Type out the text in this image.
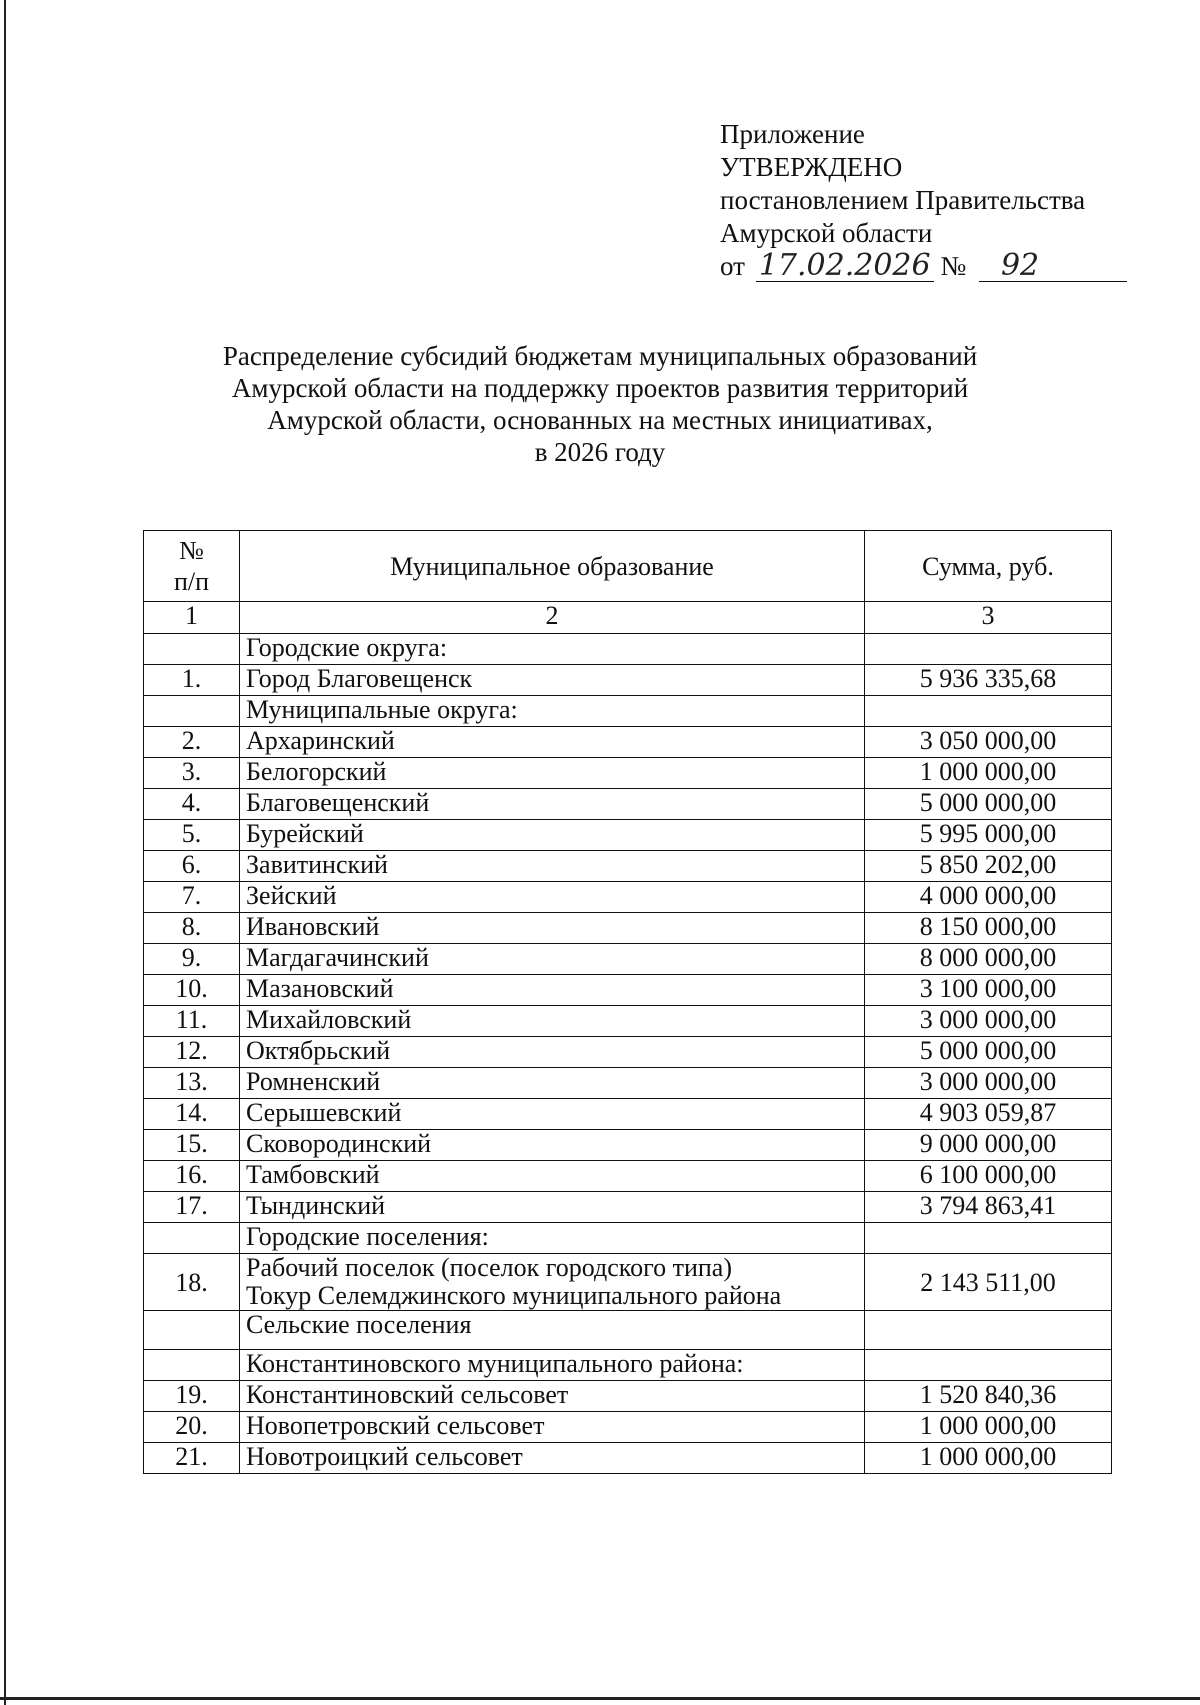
Приложение
УТВЕРЖДЕНО
постановлением Правительства
Амурской области
от 17.02.2026 № 92
Распределение субсидий бюджетам муниципальных образований
Амурской области на поддержку проектов развития территорий
Амурской области, основанных на местных инициативах,
в 2026 году
№
п/п	Муниципальное образование	Сумма, руб.
1	2	3
	Городские округа:	
1.	Город Благовещенск	5 936 335,68
	Муниципальные округа:	
2.	Архаринский	3 050 000,00
3.	Белогорский	1 000 000,00
4.	Благовещенский	5 000 000,00
5.	Бурейский	5 995 000,00
6.	Завитинский	5 850 202,00
7.	Зейский	4 000 000,00
8.	Ивановский	8 150 000,00
9.	Магдагачинский	8 000 000,00
10.	Мазановский	3 100 000,00
11.	Михайловский	3 000 000,00
12.	Октябрьский	5 000 000,00
13.	Ромненский	3 000 000,00
14.	Серышевский	4 903 059,87
15.	Сковородинский	9 000 000,00
16.	Тамбовский	6 100 000,00
17.	Тындинский	3 794 863,41
	Городские поселения:	
18.	Рабочий поселок (поселок городского типа)
Токур Селемджинского муниципального района	2 143 511,00
	Сельские поселения	
	Константиновского муниципального района:	
19.	Константиновский сельсовет	1 520 840,36
20.	Новопетровский сельсовет	1 000 000,00
21.	Новотроицкий сельсовет	1 000 000,00
